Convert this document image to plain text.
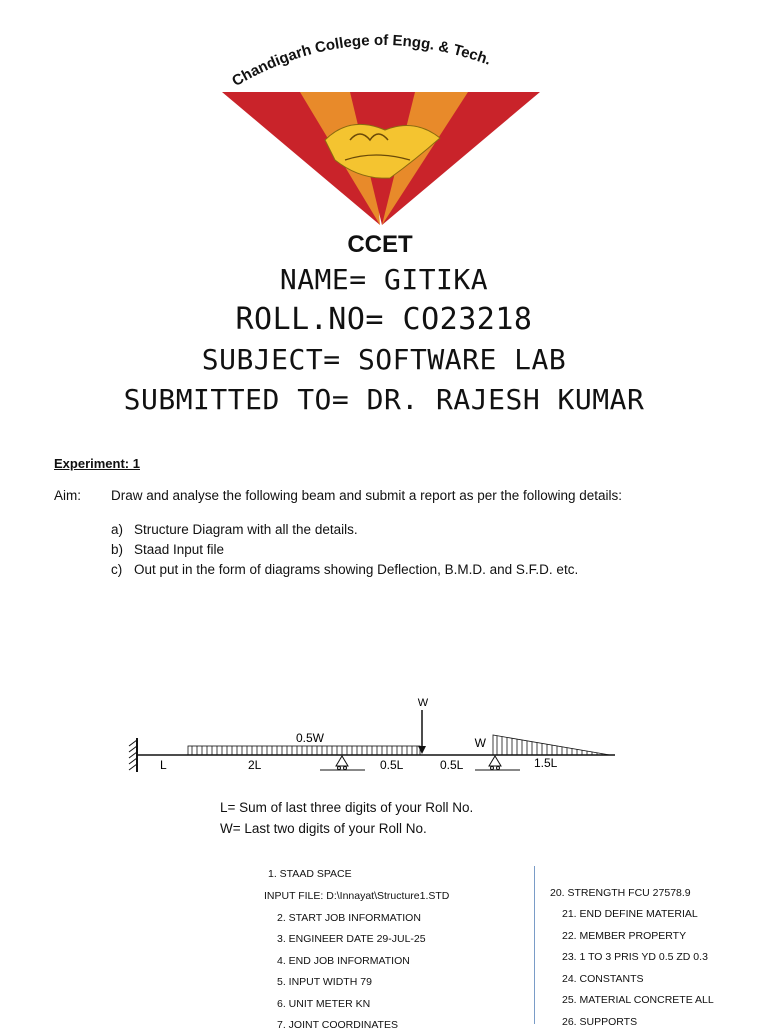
Chandigarh College of Engg. & Tech.
CCET
NAME= GITIKA
ROLL.NO= CO23218
SUBJECT= SOFTWARE LAB
SUBMITTED TO= DR. RAJESH KUMAR
Experiment: 1
Aim: Draw and analyse the following beam and submit a report as per the following details:
a) Structure Diagram with all the details.
b) Staad Input file
c) Out put in the form of diagrams showing Deflection, B.M.D. and S.F.D. etc.
0.5W
W
W
L	2L	0.5L	0.5L	1.5L
L= Sum of last three digits of your Roll No.
W= Last two digits of your Roll No.
1. STAAD SPACE
INPUT FILE: D:\Innayat\Structure1.STD
2. START JOB INFORMATION
3. ENGINEER DATE 29-JUL-25
4. END JOB INFORMATION
5. INPUT WIDTH 79
6. UNIT METER KN
7. JOINT COORDINATES
20. STRENGTH FCU 27578.9
21. END DEFINE MATERIAL
22. MEMBER PROPERTY
23. 1 TO 3 PRIS YD 0.5 ZD 0.3
24. CONSTANTS
25. MATERIAL CONCRETE ALL
26. SUPPORTS
